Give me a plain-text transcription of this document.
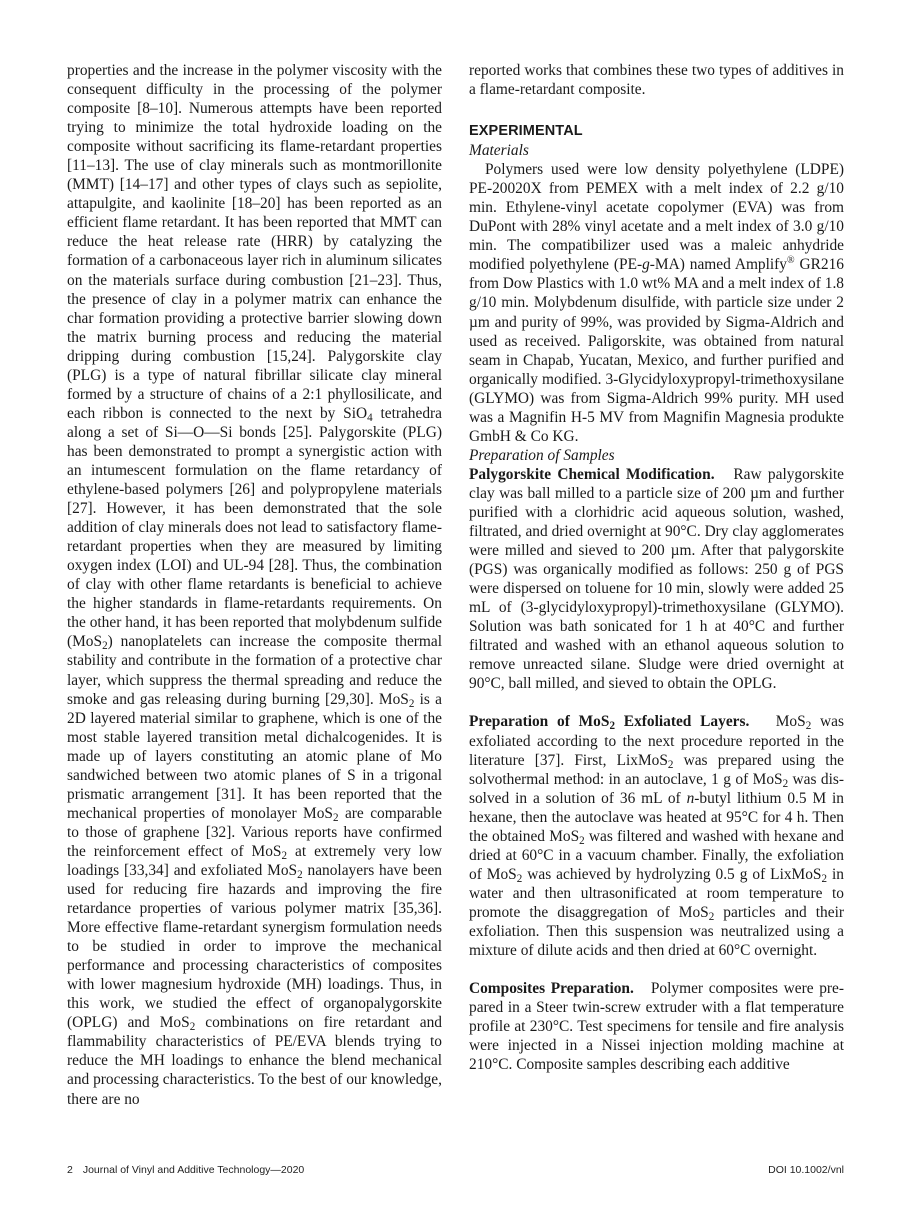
properties and the increase in the polymer viscosity with the consequent difficulty in the processing of the polymer composite [8–10]. Numerous attempts have been reported trying to minimize the total hydroxide loading on the composite without sacrificing its flame-retardant properties [11–13]. The use of clay minerals such as montmorillonite (MMT) [14–17] and other types of clays such as sepiolite, attapulgite, and kaolinite [18–20] has been reported as an efficient flame retardant. It has been reported that MMT can reduce the heat release rate (HRR) by catalyzing the formation of a carbonaceous layer rich in aluminum silicates on the materials surface during combustion [21–23]. Thus, the presence of clay in a polymer matrix can enhance the char formation providing a protective barrier slowing down the matrix burning process and reducing the material dripping during combustion [15,24]. Palygorskite clay (PLG) is a type of natural fibrillar silicate clay mineral formed by a structure of chains of a 2:1 phyllosilicate, and each ribbon is connected to the next by SiO$_4$ tetrahedra along a set of Si—O—Si bonds [25]. Palygorskite (PLG) has been demonstrated to prompt a synergistic action with an intumescent formulation on the flame retardancy of ethylene-based polymers [26] and polypropylene materials [27]. However, it has been demonstrated that the sole addition of clay minerals does not lead to satisfactory flame-retardant properties when they are measured by limiting oxygen index (LOI) and UL-94 [28]. Thus, the combination of clay with other flame retardants is beneficial to achieve the higher standards in flame-retardants requirements. On the other hand, it has been reported that molybdenum sulfide (MoS$_2$) nanoplatelets can increase the composite thermal stability and contribute in the formation of a protective char layer, which suppress the thermal spreading and reduce the smoke and gas releasing during burning [29,30]. MoS$_2$ is a 2D layered material similar to graphene, which is one of the most stable layered transition metal dichalcogenides. It is made up of layers constituting an atomic plane of Mo sandwiched between two atomic planes of S in a trigonal prismatic arrangement [31]. It has been reported that the mechanical properties of monolayer MoS$_2$ are comparable to those of graphene [32]. Various reports have confirmed the reinforcement effect of MoS$_2$ at extremely very low loadings [33,34] and exfoliated MoS$_2$ nanolayers have been used for reducing fire hazards and improving the fire retardance properties of various polymer matrix [35,36]. More effective flame-retardant synergism formulation needs to be studied in order to improve the mechanical performance and processing characteristics of composites with lower magnesium hydroxide (MH) loadings. Thus, in this work, we studied the effect of organopalygorskite (OPLG) and MoS$_2$ combinations on fire retardant and flammability characteristics of PE/EVA blends trying to reduce the MH loadings to enhance the blend mechanical and processing characteristics. To the best of our knowledge, there are no

reported works that combines these two types of additives in a flame-retardant composite.

EXPERIMENTAL

Materials

Polymers used were low density polyethylene (LDPE) PE-20020X from PEMEX with a melt index of 2.2 g/10 min. Ethylene-vinyl acetate copolymer (EVA) was from DuPont with 28% vinyl acetate and a melt index of 3.0 g/10 min. The compatibilizer used was a maleic anhydride modified polyethylene (PE-g-MA) named Amplify® GR216 from Dow Plastics with 1.0 wt% MA and a melt index of 1.8 g/10 min. Molybdenum disulfide, with particle size under 2 µm and purity of 99%, was provided by Sigma-Aldrich and used as received. Paligorskite, was obtained from natural seam in Chapab, Yucatan, Mexico, and further purified and organically modified. 3-Glycidyloxypropyl-trimethoxysilane (GLYMO) was from Sigma-Aldrich 99% purity. MH used was a Magnifin H-5 MV from Magnifin Magnesia produkte GmbH & Co KG.

Preparation of Samples

Palygorskite Chemical Modification. Raw palygorskite clay was ball milled to a particle size of 200 µm and further purified with a clorhidric acid aqueous solution, washed, filtrated, and dried overnight at 90°C. Dry clay agglomerates were milled and sieved to 200 µm. After that palygorskite (PGS) was organically modified as follows: 250 g of PGS were dispersed on toluene for 10 min, slowly were added 25 mL of (3-glycidyloxypropyl)-trimethoxysilane (GLYMO). Solution was bath sonicated for 1 h at 40°C and further filtrated and washed with an ethanol aqueous solution to remove unreacted silane. Sludge were dried overnight at 90°C, ball milled, and sieved to obtain the OPLG.

Preparation of MoS$_2$ Exfoliated Layers. MoS$_2$ was exfoliated according to the next procedure reported in the literature [37]. First, LixMoS$_2$ was prepared using the solvothermal method: in an autoclave, 1 g of MoS$_2$ was dissolved in a solution of 36 mL of n-butyl lithium 0.5 M in hexane, then the autoclave was heated at 95°C for 4 h. Then the obtained MoS$_2$ was filtered and washed with hexane and dried at 60°C in a vacuum chamber. Finally, the exfoliation of MoS$_2$ was achieved by hydrolyzing 0.5 g of LixMoS$_2$ in water and then ultrasonificated at room temperature to promote the disaggregation of MoS$_2$ particles and their exfoliation. Then this suspension was neutralized using a mixture of dilute acids and then dried at 60°C overnight.

Composites Preparation. Polymer composites were prepared in a Steer twin-screw extruder with a flat temperature profile at 230°C. Test specimens for tensile and fire analysis were injected in a Nissei injection molding machine at 210°C. Composite samples describing each additive

2 Journal of Vinyl and Additive Technology—2020	DOI 10.1002/vnl
